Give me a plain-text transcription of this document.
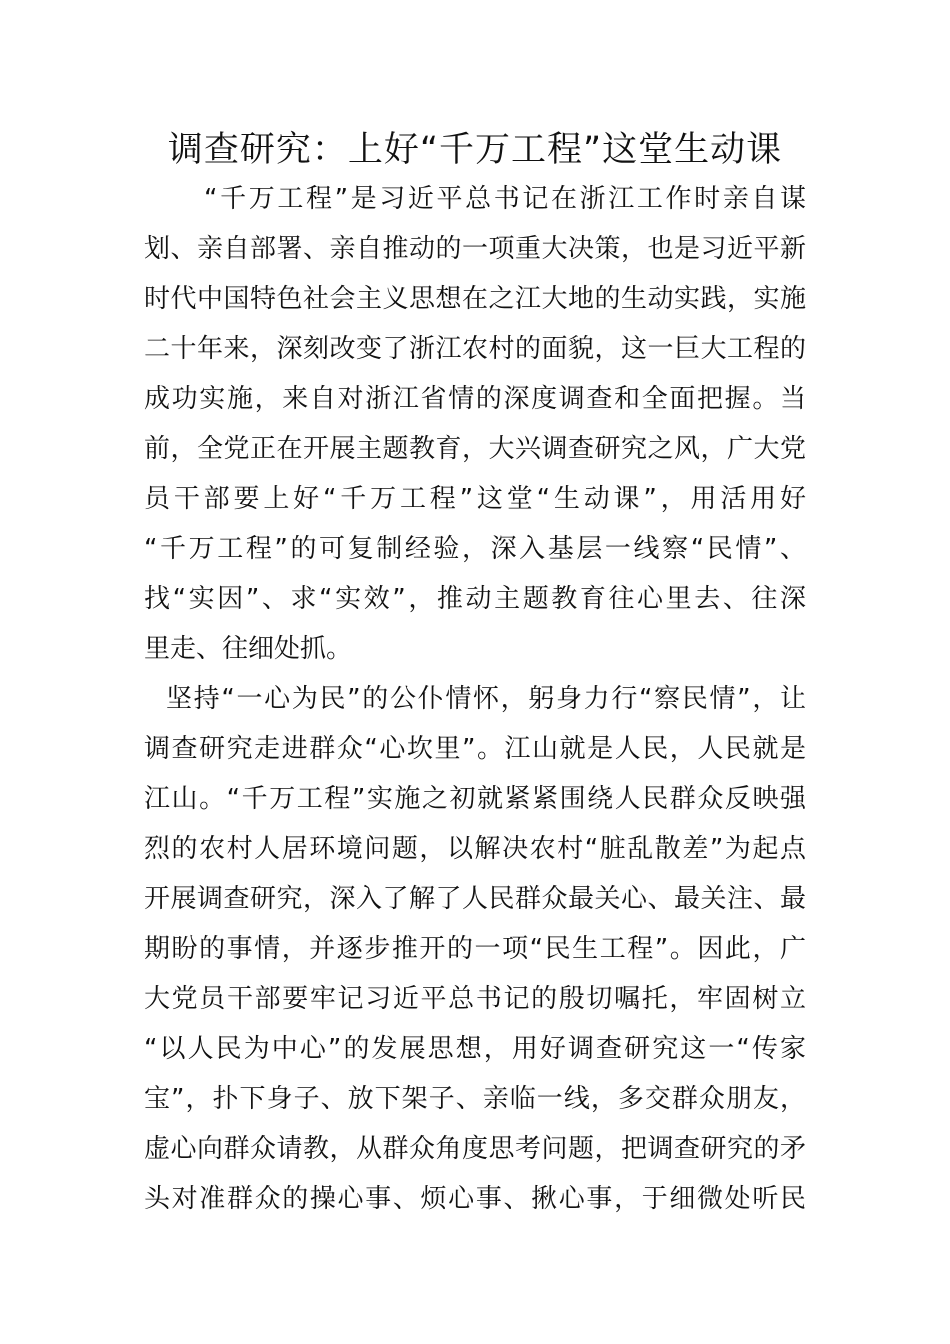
调查研究：上好“千万工程”这堂生动课
“千万工程”是习近平总书记在浙江工作时亲自谋
划、亲自部署、亲自推动的一项重大决策，也是习近平新
时代中国特色社会主义思想在之江大地的生动实践，实施
二十年来，深刻改变了浙江农村的面貌，这一巨大工程的
成功实施，来自对浙江省情的深度调查和全面把握。当
前，全党正在开展主题教育，大兴调查研究之风，广大党
员干部要上好“千万工程”这堂“生动课”，用活用好
“千万工程”的可复制经验，深入基层一线察“民情”、
找“实因”、求“实效”，推动主题教育往心里去、往深
里走、往细处抓。
坚持“一心为民”的公仆情怀，躬身力行“察民情”，让
调查研究走进群众“心坎里”。江山就是人民，人民就是
江山。“千万工程”实施之初就紧紧围绕人民群众反映强
烈的农村人居环境问题，以解决农村“脏乱散差”为起点
开展调查研究，深入了解了人民群众最关心、最关注、最
期盼的事情，并逐步推开的一项“民生工程”。因此，广
大党员干部要牢记习近平总书记的殷切嘱托，牢固树立
“以人民为中心”的发展思想，用好调查研究这一“传家
宝”，扑下身子、放下架子、亲临一线，多交群众朋友，
虚心向群众请教，从群众角度思考问题，把调查研究的矛
头对准群众的操心事、烦心事、揪心事，于细微处听民
